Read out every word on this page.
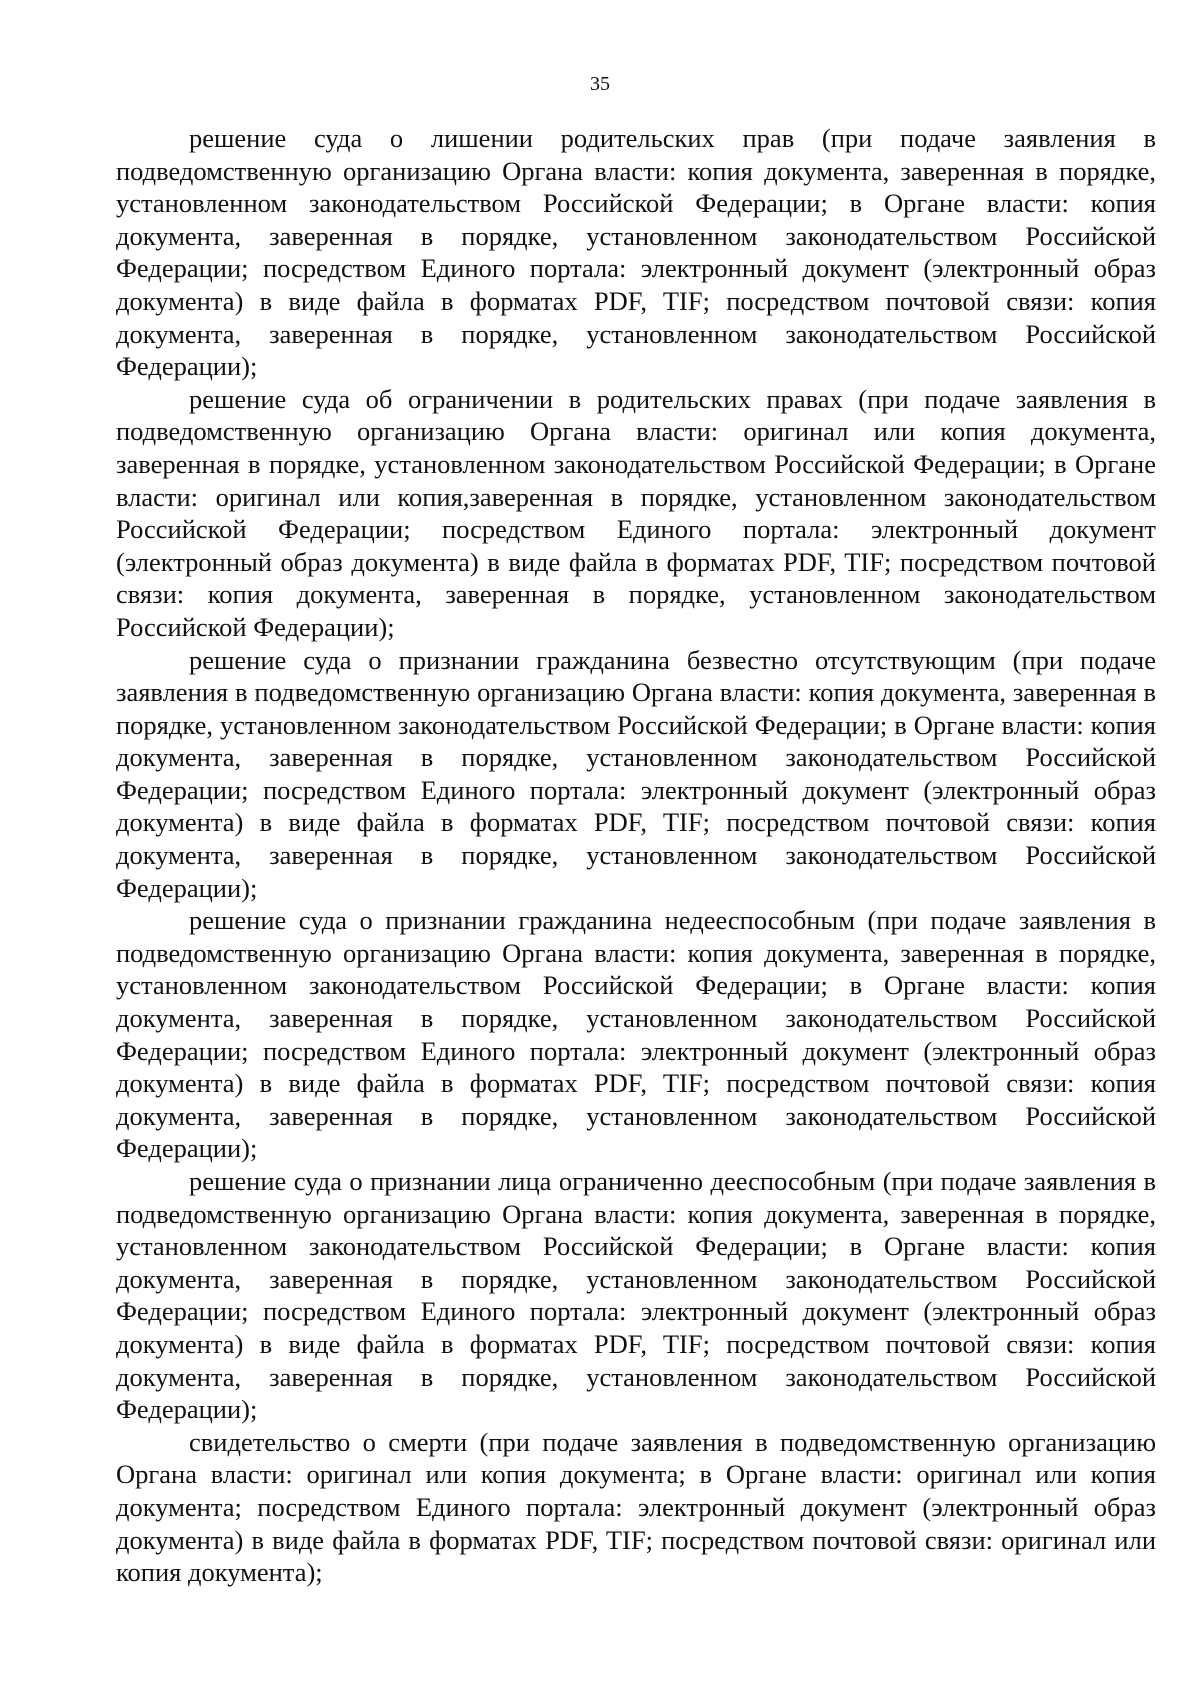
35

решение суда о лишении родительских прав (при подаче заявления в подведомственную организацию Органа власти: копия документа, заверенная в порядке, установленном законодательством Российской Федерации; в Органе власти: копия документа, заверенная в порядке, установленном законодательством Российской Федерации; посредством Единого портала: электронный документ (электронный образ документа) в виде файла в форматах PDF, TIF; посредством почтовой связи: копия документа, заверенная в порядке, установленном законодательством Российской Федерации);

решение суда об ограничении в родительских правах (при подаче заявления в подведомственную организацию Органа власти: оригинал или копия документа, заверенная в порядке, установленном законодательством Российской Федерации; в Органе власти: оригинал или копия,заверенная в порядке, установленном законодательством Российской Федерации; посредством Единого портала: электронный документ (электронный образ документа) в виде файла в форматах PDF, TIF; посредством почтовой связи: копия документа, заверенная в порядке, установленном законодательством Российской Федерации);

решение суда о признании гражданина безвестно отсутствующим (при подаче заявления в подведомственную организацию Органа власти: копия документа, заверенная в порядке, установленном законодательством Российской Федерации; в Органе власти: копия документа, заверенная в порядке, установленном законодательством Российской Федерации; посредством Единого портала: электронный документ (электронный образ документа) в виде файла в форматах PDF, TIF; посредством почтовой связи: копия документа, заверенная в порядке, установленном законодательством Российской Федерации);

решение суда о признании гражданина недееспособным (при подаче заявления в подведомственную организацию Органа власти: копия документа, заверенная в порядке, установленном законодательством Российской Федерации; в Органе власти: копия документа, заверенная в порядке, установленном законодательством Российской Федерации; посредством Единого портала: электронный документ (электронный образ документа) в виде файла в форматах PDF, TIF; посредством почтовой связи: копия документа, заверенная в порядке, установленном законодательством Российской Федерации);

решение суда о признании лица ограниченно дееспособным (при подаче заявления в подведомственную организацию Органа власти: копия документа, заверенная в порядке, установленном законодательством Российской Федерации; в Органе власти: копия документа, заверенная в порядке, установленном законодательством Российской Федерации; посредством Единого портала: электронный документ (электронный образ документа) в виде файла в форматах PDF, TIF; посредством почтовой связи: копия документа, заверенная в порядке, установленном законодательством Российской Федерации);

свидетельство о смерти (при подаче заявления в подведомственную организацию Органа власти: оригинал или копия документа; в Органе власти: оригинал или копия документа; посредством Единого портала: электронный документ (электронный образ документа) в виде файла в форматах PDF, TIF; посредством почтовой связи: оригинал или копия документа);
